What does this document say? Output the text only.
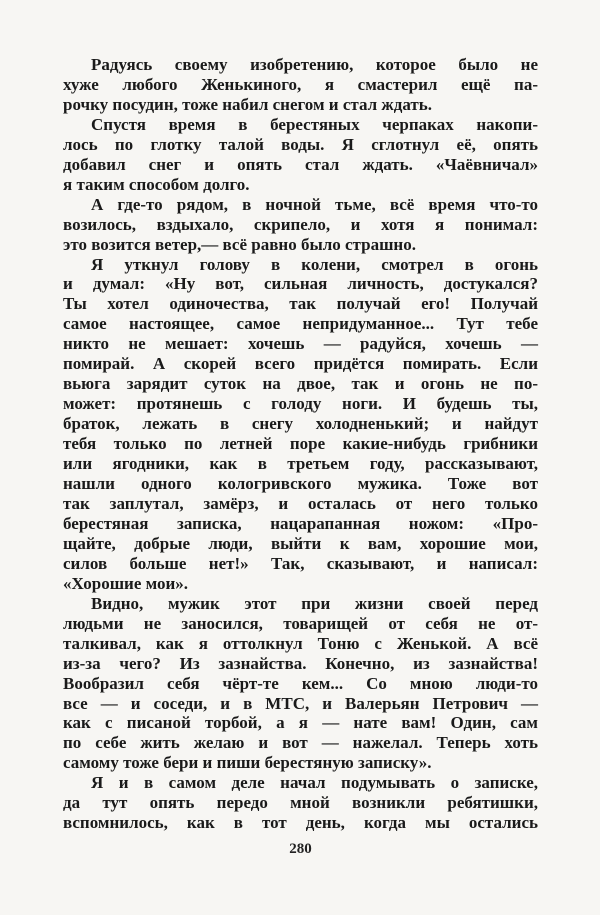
Радуясь своему изобретению, которое было не
хуже любого Женькиного, я смастерил ещё па-
рочку посудин, тоже набил снегом и стал ждать.
Спустя время в берестяных черпаках накопи-
лось по глотку талой воды. Я сглотнул её, опять
добавил снег и опять стал ждать. «Чаёвничал»
я таким способом долго.
А где-то рядом, в ночной тьме, всё время что-то
возилось, вздыхало, скрипело, и хотя я понимал:
это возится ветер,— всё равно было страшно.
Я уткнул голову в колени, смотрел в огонь
и думал: «Ну вот, сильная личность, достукался?
Ты хотел одиночества, так получай его! Получай
самое настоящее, самое непридуманное... Тут тебе
никто не мешает: хочешь — радуйся, хочешь —
помирай. А скорей всего придётся помирать. Если
вьюга зарядит суток на двое, так и огонь не по-
может: протянешь с голоду ноги. И будешь ты,
браток, лежать в снегу холодненький; и найдут
тебя только по летней поре какие-нибудь грибники
или ягодники, как в третьем году, рассказывают,
нашли одного кологривского мужика. Тоже вот
так заплутал, замёрз, и осталась от него только
берестяная записка, нацарапанная ножом: «Про-
щайте, добрые люди, выйти к вам, хорошие мои,
силов больше нет!» Так, сказывают, и написал:
«Хорошие мои».
Видно, мужик этот при жизни своей перед
людьми не заносился, товарищей от себя не от-
талкивал, как я оттолкнул Тоню с Женькой. А всё
из-за чего? Из зазнайства. Конечно, из зазнайства!
Вообразил себя чёрт-те кем... Со мною люди-то
все — и соседи, и в МТС, и Валерьян Петрович —
как с писаной торбой, а я — нате вам! Один, сам
по себе жить желаю и вот — нажелал. Теперь хоть
самому тоже бери и пиши берестяную записку».
Я и в самом деле начал подумывать о записке,
да тут опять передо мной возникли ребятишки,
вспомнилось, как в тот день, когда мы остались
280
